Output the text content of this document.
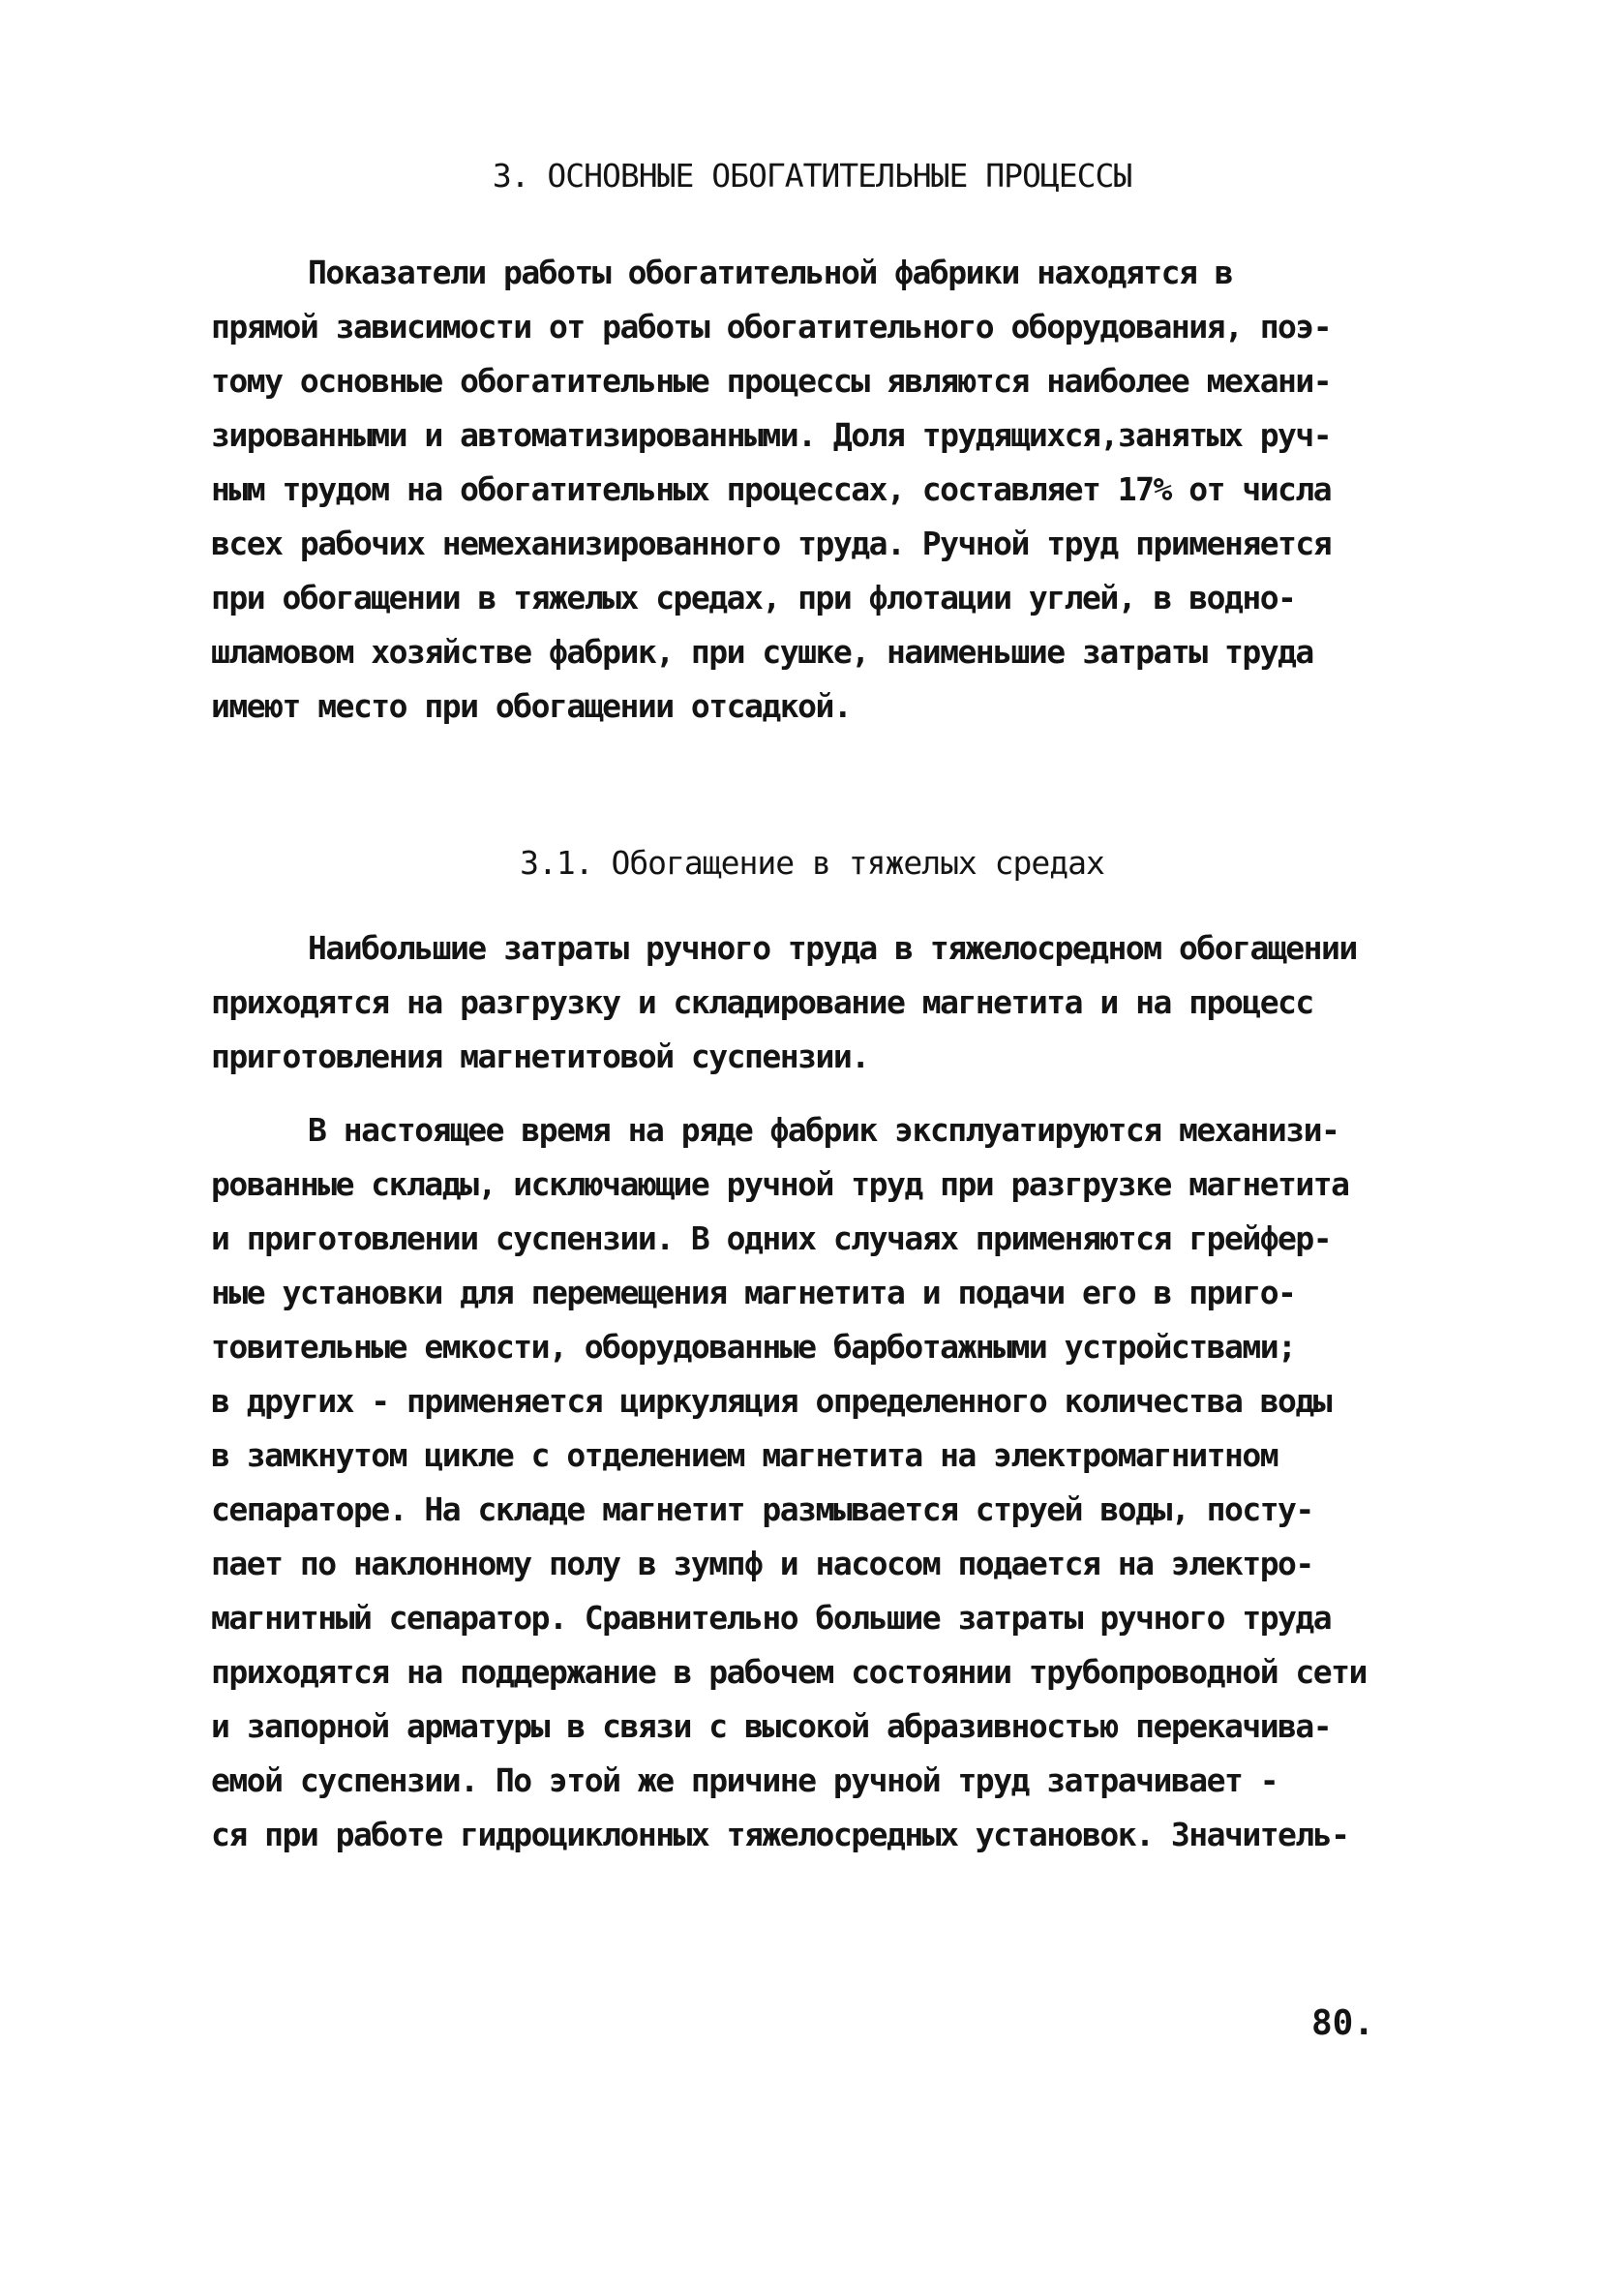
3. ОСНОВНЫЕ ОБОГАТИТЕЛЬНЫЕ ПРОЦЕССЫ
Показатели работы обогатительной фабрики находятся в
прямой зависимости от работы обогатительного оборудования, поэ-
тому основные обогатительные процессы являются наиболее механи-
зированными и автоматизированными. Доля трудящихся,занятых руч-
ным трудом на обогатительных процессах, составляет 17% от числа
всех рабочих немеханизированного труда. Ручной труд применяется
при обогащении в тяжелых средах, при флотации углей, в водно-
шламовом хозяйстве фабрик, при сушке, наименьшие затраты труда
имеют место при обогащении отсадкой.
3.1. Обогащение в тяжелых средах
Наибольшие затраты ручного труда в тяжелосредном обогащении
приходятся на разгрузку и складирование магнетита и на процесс
приготовления магнетитовой суспензии.
В настоящее время на ряде фабрик эксплуатируются механизи-
рованные склады, исключающие ручной труд при разгрузке магнетита
и приготовлении суспензии. В одних случаях применяются грейфер-
ные установки для перемещения магнетита и подачи его в приго-
товительные емкости, оборудованные барботажными устройствами;
в других - применяется циркуляция определенного количества воды
в замкнутом цикле с отделением магнетита на электромагнитном
сепараторе. На складе магнетит размывается струей воды, посту-
пает по наклонному полу в зумпф и насосом подается на электро-
магнитный сепаратор. Сравнительно большие затраты ручного труда
приходятся на поддержание в рабочем состоянии трубопроводной сети
и запорной арматуры в связи с высокой абразивностью перекачива-
емой суспензии. По этой же причине ручной труд затрачивает -
ся при работе гидроциклонных тяжелосредных установок. Значитель-
80.
